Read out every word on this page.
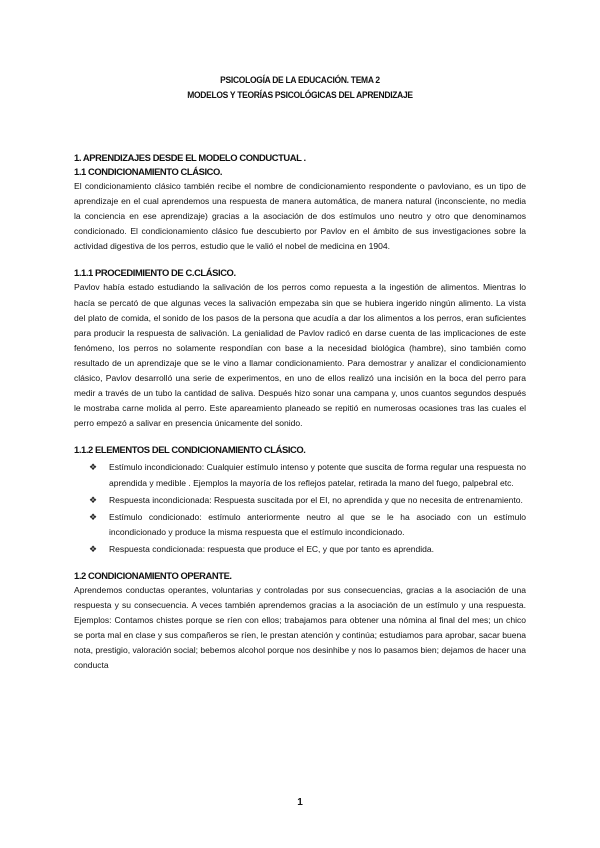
PSICOLOGÍA DE LA EDUCACIÓN. TEMA 2
MODELOS Y TEORÍAS PSICOLÓGICAS DEL APRENDIZAJE
1. APRENDIZAJES DESDE EL MODELO CONDUCTUAL .
1.1 CONDICIONAMIENTO CLÁSICO.

El condicionamiento clásico también recibe el nombre de condicionamiento respondente o pavloviano, es un tipo de aprendizaje en el cual aprendemos una respuesta de manera automática, de manera natural (inconsciente, no media la conciencia en ese aprendizaje) gracias a la asociación de dos estímulos uno neutro y otro que denominamos condicionado. El condicionamiento clásico fue descubierto por Pavlov en el ámbito de sus investigaciones sobre la actividad digestiva de los perros, estudio que le valió el nobel de medicina en 1904.

1.1.1 PROCEDIMIENTO DE C.CLÁSICO.

Pavlov había estado estudiando la salivación de los perros como repuesta a la ingestión de alimentos. Mientras lo hacía se percató de que algunas veces la salivación empezaba sin que se hubiera ingerido ningún alimento. La vista del plato de comida, el sonido de los pasos de la persona que acudía a dar los alimentos a los perros, eran suficientes para producir la respuesta de salivación. La genialidad de Pavlov radicó en darse cuenta de las implicaciones de este fenómeno, los perros no solamente respondían con base a la necesidad biológica (hambre), sino también como resultado de un aprendizaje que se le vino a llamar condicionamiento. Para demostrar y analizar el condicionamiento clásico, Pavlov desarrolló una serie de experimentos, en uno de ellos realizó una incisión en la boca del perro para medir a través de un tubo la cantidad de saliva. Después hizo sonar una campana y, unos cuantos segundos después le mostraba carne molida al perro. Este apareamiento planeado se repitió en numerosas ocasiones tras las cuales el perro empezó a salivar en presencia únicamente del sonido.

1.1.2 ELEMENTOS DEL CONDICIONAMIENTO CLÁSICO.
❖ Estímulo incondicionado: Cualquier estímulo intenso y potente que suscita de forma regular una respuesta no aprendida y medible . Ejemplos la mayoría de los reflejos patelar, retirada la mano del fuego, palpebral etc.
❖ Respuesta incondicionada: Respuesta suscitada por el EI, no aprendida y que no necesita de entrenamiento.
❖ Estímulo condicionado: estímulo anteriormente neutro al que se le ha asociado con un estímulo incondicionado y produce la misma respuesta que el estímulo incondicionado.
❖ Respuesta condicionada: respuesta que produce el EC, y que por tanto es aprendida.
1.2 CONDICIONAMIENTO OPERANTE.

Aprendemos conductas operantes, voluntarias y controladas por sus consecuencias, gracias a la asociación de una respuesta y su consecuencia. A veces también aprendemos gracias a la asociación de un estímulo y una respuesta. Ejemplos: Contamos chistes porque se ríen con ellos; trabajamos para obtener una nómina al final del mes; un chico se porta mal en clase y sus compañeros se ríen, le prestan atención y continúa; estudiamos para aprobar, sacar buena nota, prestigio, valoración social; bebemos alcohol porque nos desinhibe y nos lo pasamos bien; dejamos de hacer una conducta

1
